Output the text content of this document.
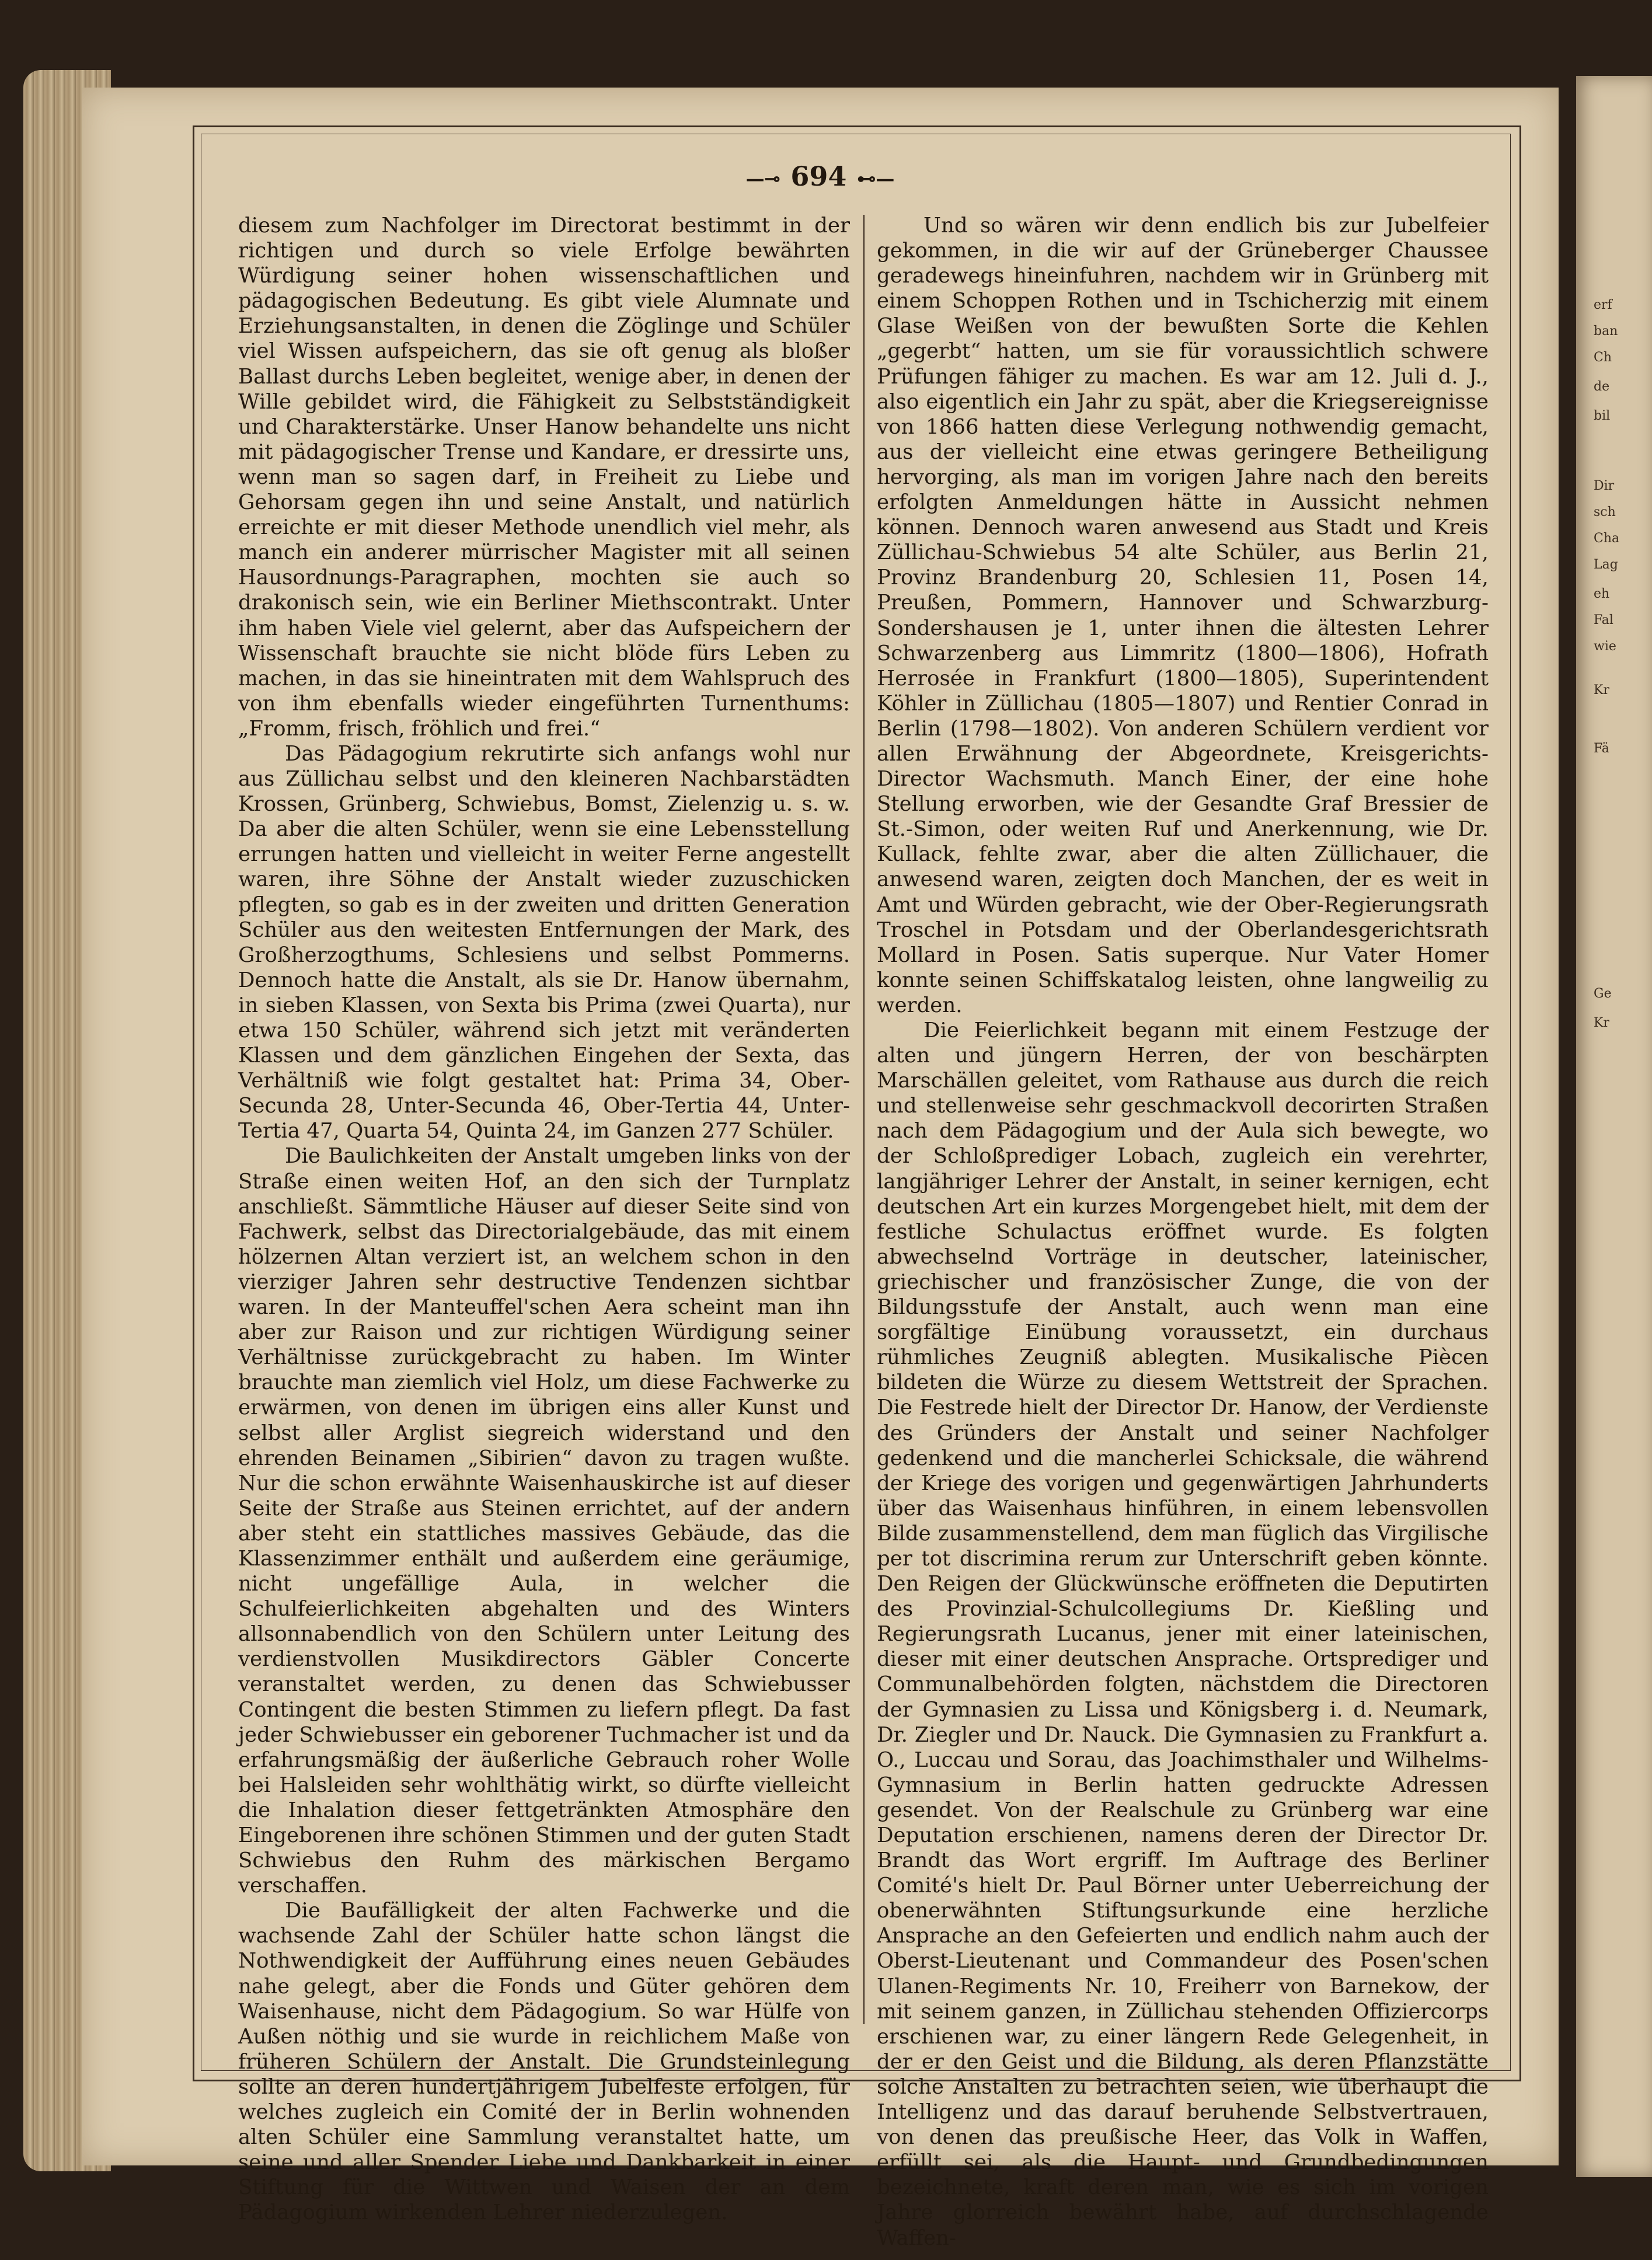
erf
ban
Ch
de
bil
Dir
sch
Cha
Lag
eh
Fal
wie
Kr
Fä
Ge
Kr
—⊸ 694 ⊷—

diesem zum Nachfolger im Directorat bestimmt in der richtigen und durch so viele Erfolge bewährten Würdigung seiner hohen wissenschaftlichen und pädagogischen Bedeutung. Es gibt viele Alumnate und Erziehungsanstalten, in denen die Zöglinge und Schüler viel Wissen aufspeichern, das sie oft genug als bloßer Ballast durchs Leben begleitet, wenige aber, in denen der Wille gebildet wird, die Fähigkeit zu Selbstständigkeit und Charakterstärke. Unser Hanow behandelte uns nicht mit pädagogischer Trense und Kandare, er dressirte uns, wenn man so sagen darf, in Freiheit zu Liebe und Gehorsam gegen ihn und seine Anstalt, und natürlich erreichte er mit dieser Methode unendlich viel mehr, als manch ein anderer mürrischer Magister mit all seinen Hausordnungs-Paragraphen, mochten sie auch so drakonisch sein, wie ein Berliner Miethscontrakt. Unter ihm haben Viele viel gelernt, aber das Aufspeichern der Wissenschaft brauchte sie nicht blöde fürs Leben zu machen, in das sie hineintraten mit dem Wahlspruch des von ihm ebenfalls wieder eingeführten Turnenthums: „Fromm, frisch, fröhlich und frei.“

Das Pädagogium rekrutirte sich anfangs wohl nur aus Züllichau selbst und den kleineren Nachbarstädten Krossen, Grünberg, Schwiebus, Bomst, Zielenzig u. s. w. Da aber die alten Schüler, wenn sie eine Lebensstellung errungen hatten und vielleicht in weiter Ferne angestellt waren, ihre Söhne der Anstalt wieder zuzuschicken pflegten, so gab es in der zweiten und dritten Generation Schüler aus den weitesten Entfernungen der Mark, des Großherzogthums, Schlesiens und selbst Pommerns. Dennoch hatte die Anstalt, als sie Dr. Hanow übernahm, in sieben Klassen, von Sexta bis Prima (zwei Quarta), nur etwa 150 Schüler, während sich jetzt mit veränderten Klassen und dem gänzlichen Eingehen der Sexta, das Verhältniß wie folgt gestaltet hat: Prima 34, Ober-Secunda 28, Unter-Secunda 46, Ober-Tertia 44, Unter-Tertia 47, Quarta 54, Quinta 24, im Ganzen 277 Schüler.

Die Baulichkeiten der Anstalt umgeben links von der Straße einen weiten Hof, an den sich der Turnplatz anschließt. Sämmtliche Häuser auf dieser Seite sind von Fachwerk, selbst das Directorialgebäude, das mit einem hölzernen Altan verziert ist, an welchem schon in den vierziger Jahren sehr destructive Tendenzen sichtbar waren. In der Manteuffel'schen Aera scheint man ihn aber zur Raison und zur richtigen Würdigung seiner Verhältnisse zurückgebracht zu haben. Im Winter brauchte man ziemlich viel Holz, um diese Fachwerke zu erwärmen, von denen im übrigen eins aller Kunst und selbst aller Arglist siegreich widerstand und den ehrenden Beinamen „Sibirien“ davon zu tragen wußte. Nur die schon erwähnte Waisenhauskirche ist auf dieser Seite der Straße aus Steinen errichtet, auf der andern aber steht ein stattliches massives Gebäude, das die Klassenzimmer enthält und außerdem eine geräumige, nicht ungefällige Aula, in welcher die Schulfeierlichkeiten abgehalten und des Winters allsonnabendlich von den Schülern unter Leitung des verdienstvollen Musikdirectors Gäbler Concerte veranstaltet werden, zu denen das Schwiebusser Contingent die besten Stimmen zu liefern pflegt. Da fast jeder Schwiebusser ein geborener Tuchmacher ist und da erfahrungsmäßig der äußerliche Gebrauch roher Wolle bei Halsleiden sehr wohlthätig wirkt, so dürfte vielleicht die Inhalation dieser fettgetränkten Atmosphäre den Eingeborenen ihre schönen Stimmen und der guten Stadt Schwiebus den Ruhm des märkischen Bergamo verschaffen.

Die Baufälligkeit der alten Fachwerke und die wachsende Zahl der Schüler hatte schon längst die Nothwendigkeit der Aufführung eines neuen Gebäudes nahe gelegt, aber die Fonds und Güter gehören dem Waisenhause, nicht dem Pädagogium. So war Hülfe von Außen nöthig und sie wurde in reichlichem Maße von früheren Schülern der Anstalt. Die Grundsteinlegung sollte an deren hundertjährigem Jubelfeste erfolgen, für welches zugleich ein Comité der in Berlin wohnenden alten Schüler eine Sammlung veranstaltet hatte, um seine und aller Spender Liebe und Dankbarkeit in einer Stiftung für die Wittwen und Waisen der an dem Pädagogium wirkenden Lehrer niederzulegen.

Und so wären wir denn endlich bis zur Jubelfeier gekommen, in die wir auf der Grüneberger Chaussee geradewegs hineinfuhren, nachdem wir in Grünberg mit einem Schoppen Rothen und in Tschicherzig mit einem Glase Weißen von der bewußten Sorte die Kehlen „gegerbt“ hatten, um sie für voraussichtlich schwere Prüfungen fähiger zu machen. Es war am 12. Juli d. J., also eigentlich ein Jahr zu spät, aber die Kriegsereignisse von 1866 hatten diese Verlegung nothwendig gemacht, aus der vielleicht eine etwas geringere Betheiligung hervorging, als man im vorigen Jahre nach den bereits erfolgten Anmeldungen hätte in Aussicht nehmen können. Dennoch waren anwesend aus Stadt und Kreis Züllichau-Schwiebus 54 alte Schüler, aus Berlin 21, Provinz Brandenburg 20, Schlesien 11, Posen 14, Preußen, Pommern, Hannover und Schwarzburg-Sondershausen je 1, unter ihnen die ältesten Lehrer Schwarzenberg aus Limmritz (1800—1806), Hofrath Herrosée in Frankfurt (1800—1805), Superintendent Köhler in Züllichau (1805—1807) und Rentier Conrad in Berlin (1798—1802). Von anderen Schülern verdient vor allen Erwähnung der Abgeordnete, Kreisgerichts-Director Wachsmuth. Manch Einer, der eine hohe Stellung erworben, wie der Gesandte Graf Bressier de St.-Simon, oder weiten Ruf und Anerkennung, wie Dr. Kullack, fehlte zwar, aber die alten Züllichauer, die anwesend waren, zeigten doch Manchen, der es weit in Amt und Würden gebracht, wie der Ober-Regierungsrath Troschel in Potsdam und der Oberlandesgerichtsrath Mollard in Posen. Satis superque. Nur Vater Homer konnte seinen Schiffskatalog leisten, ohne langweilig zu werden.

Die Feierlichkeit begann mit einem Festzuge der alten und jüngern Herren, der von beschärpten Marschällen geleitet, vom Rathause aus durch die reich und stellenweise sehr geschmackvoll decorirten Straßen nach dem Pädagogium und der Aula sich bewegte, wo der Schloßprediger Lobach, zugleich ein verehrter, langjähriger Lehrer der Anstalt, in seiner kernigen, echt deutschen Art ein kurzes Morgengebet hielt, mit dem der festliche Schulactus eröffnet wurde. Es folgten abwechselnd Vorträge in deutscher, lateinischer, griechischer und französischer Zunge, die von der Bildungsstufe der Anstalt, auch wenn man eine sorgfältige Einübung voraussetzt, ein durchaus rühmliches Zeugniß ablegten. Musikalische Piècen bildeten die Würze zu diesem Wettstreit der Sprachen. Die Festrede hielt der Director Dr. Hanow, der Verdienste des Gründers der Anstalt und seiner Nachfolger gedenkend und die mancherlei Schicksale, die während der Kriege des vorigen und gegenwärtigen Jahrhunderts über das Waisenhaus hinführen, in einem lebensvollen Bilde zusammenstellend, dem man füglich das Virgilische per tot discrimina rerum zur Unterschrift geben könnte. Den Reigen der Glückwünsche eröffneten die Deputirten des Provinzial-Schulcollegiums Dr. Kießling und Regierungsrath Lucanus, jener mit einer lateinischen, dieser mit einer deutschen Ansprache. Ortsprediger und Communalbehörden folgten, nächstdem die Directoren der Gymnasien zu Lissa und Königsberg i. d. Neumark, Dr. Ziegler und Dr. Nauck. Die Gymnasien zu Frankfurt a. O., Luccau und Sorau, das Joachimsthaler und Wilhelms-Gymnasium in Berlin hatten gedruckte Adressen gesendet. Von der Realschule zu Grünberg war eine Deputation erschienen, namens deren der Director Dr. Brandt das Wort ergriff. Im Auftrage des Berliner Comité's hielt Dr. Paul Börner unter Ueberreichung der obenerwähnten Stiftungsurkunde eine herzliche Ansprache an den Gefeierten und endlich nahm auch der Oberst-Lieutenant und Commandeur des Posen'schen Ulanen-Regiments Nr. 10, Freiherr von Barnekow, der mit seinem ganzen, in Züllichau stehenden Offiziercorps erschienen war, zu einer längern Rede Gelegenheit, in der er den Geist und die Bildung, als deren Pflanzstätte solche Anstalten zu betrachten seien, wie überhaupt die Intelligenz und das darauf beruhende Selbstvertrauen, von denen das preußische Heer, das Volk in Waffen, erfüllt sei, als die Haupt- und Grundbedingungen bezeichnete, kraft deren man, wie es sich im vorigen Jahre glorreich bewährt habe, auf durchschlagende Waffen-
